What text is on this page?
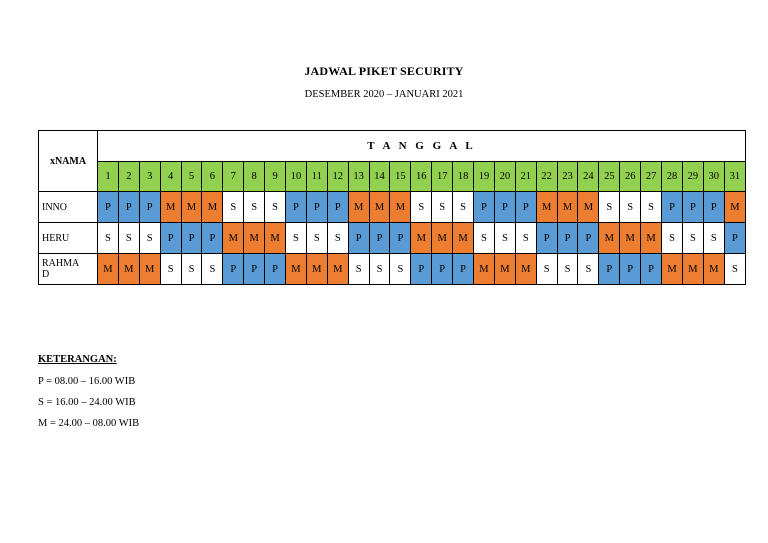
JADWAL PIKET SECURITY
DESEMBER 2020 – JANUARI 2021
xNAMA	T A N G G A L																														
	1	2	3	4	5	6	7	8	9	10	11	12	13	14	15	16	17	18	19	20	21	22	23	24	25	26	27	28	29	30	31
INNO	P	P	P	M	M	M	S	S	S	P	P	P	M	M	M	S	S	S	P	P	P	M	M	M	S	S	S	P	P	P	M
HERU	S	S	S	P	P	P	M	M	M	S	S	S	P	P	P	M	M	M	S	S	S	P	P	P	M	M	M	S	S	S	P
RAHMA
D	M	M	M	S	S	S	P	P	P	M	M	M	S	S	S	P	P	P	M	M	M	S	S	S	P	P	P	M	M	M	S
KETERANGAN:
P = 08.00 – 16.00 WIB
S = 16.00 – 24.00 WIB
M = 24.00 – 08.00 WIB
